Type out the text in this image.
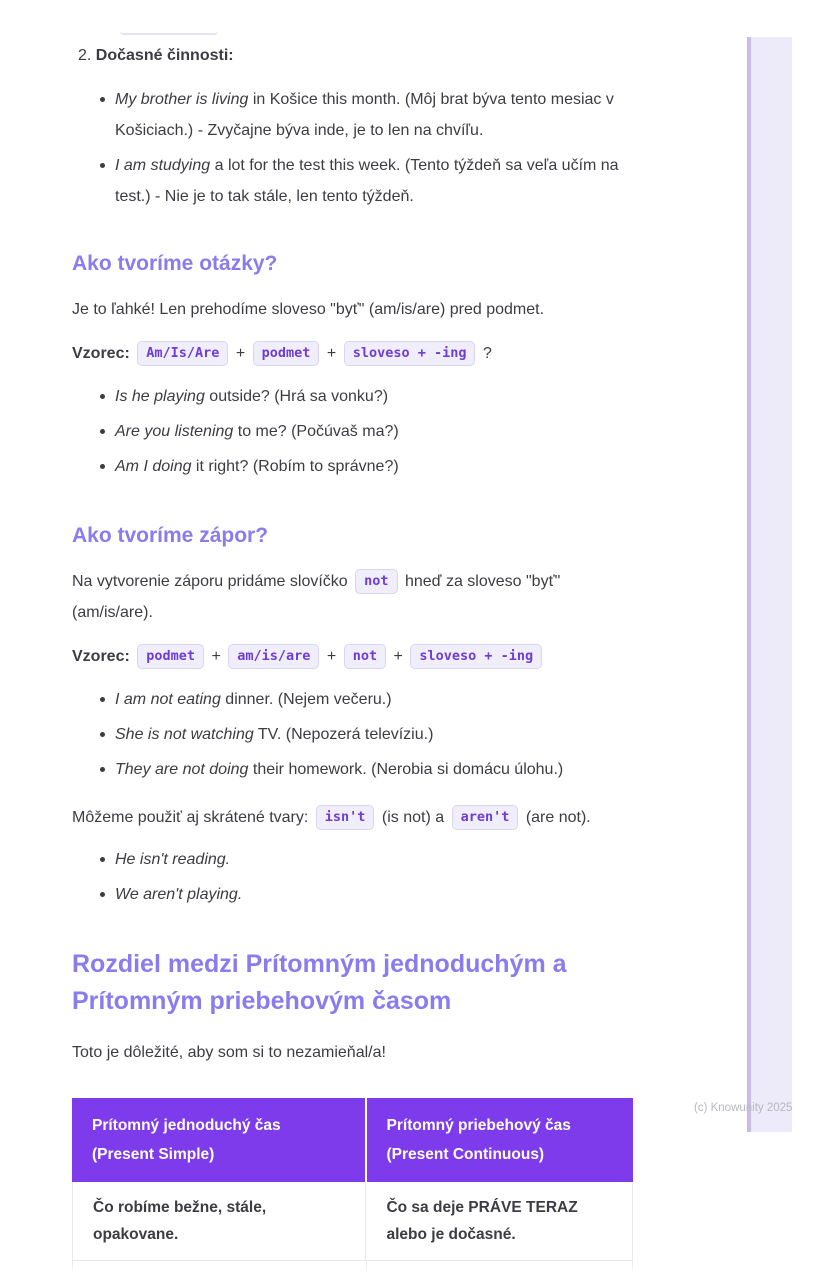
(c) Knowunity 2025
2. Dočasné činnosti:
My brother is living in Košice this month. (Môj brat býva tento mesiac v Košiciach.) - Zvyčajne býva inde, je to len na chvíľu.
I am studying a lot for the test this week. (Tento týždeň sa veľa učím na test.) - Nie je to tak stále, len tento týždeň.
Ako tvoríme otázky?

Je to ľahké! Len prehodíme sloveso "byť" (am/is/are) pred podmet.

Vzorec: Am/Is/Are + podmet + sloveso + -ing ?
Is he playing outside? (Hrá sa vonku?)
Are you listening to me? (Počúvaš ma?)
Am I doing it right? (Robím to správne?)
Ako tvoríme zápor?

Na vytvorenie záporu pridáme slovíčko not hneď za sloveso "byť" (am/is/are).

Vzorec: podmet + am/is/are + not + sloveso + -ing
I am not eating dinner. (Nejem večeru.)
She is not watching TV. (Nepozerá televíziu.)
They are not doing their homework. (Nerobia si domácu úlohu.)

Môžeme použiť aj skrátené tvary: isn't (is not) a aren't (are not).

He isn't reading.
We aren't playing.
Rozdiel medzi Prítomným jednoduchým a Prítomným priebehovým časom

Toto je dôležité, aby som si to nezamieňal/a!

Prítomný jednoduchý čas (Present Simple)
Prítomný priebehový čas (Present Continuous)
Čo robíme bežne, stále, opakovane.
Čo sa deje PRÁVE TERAZ alebo je dočasné.
